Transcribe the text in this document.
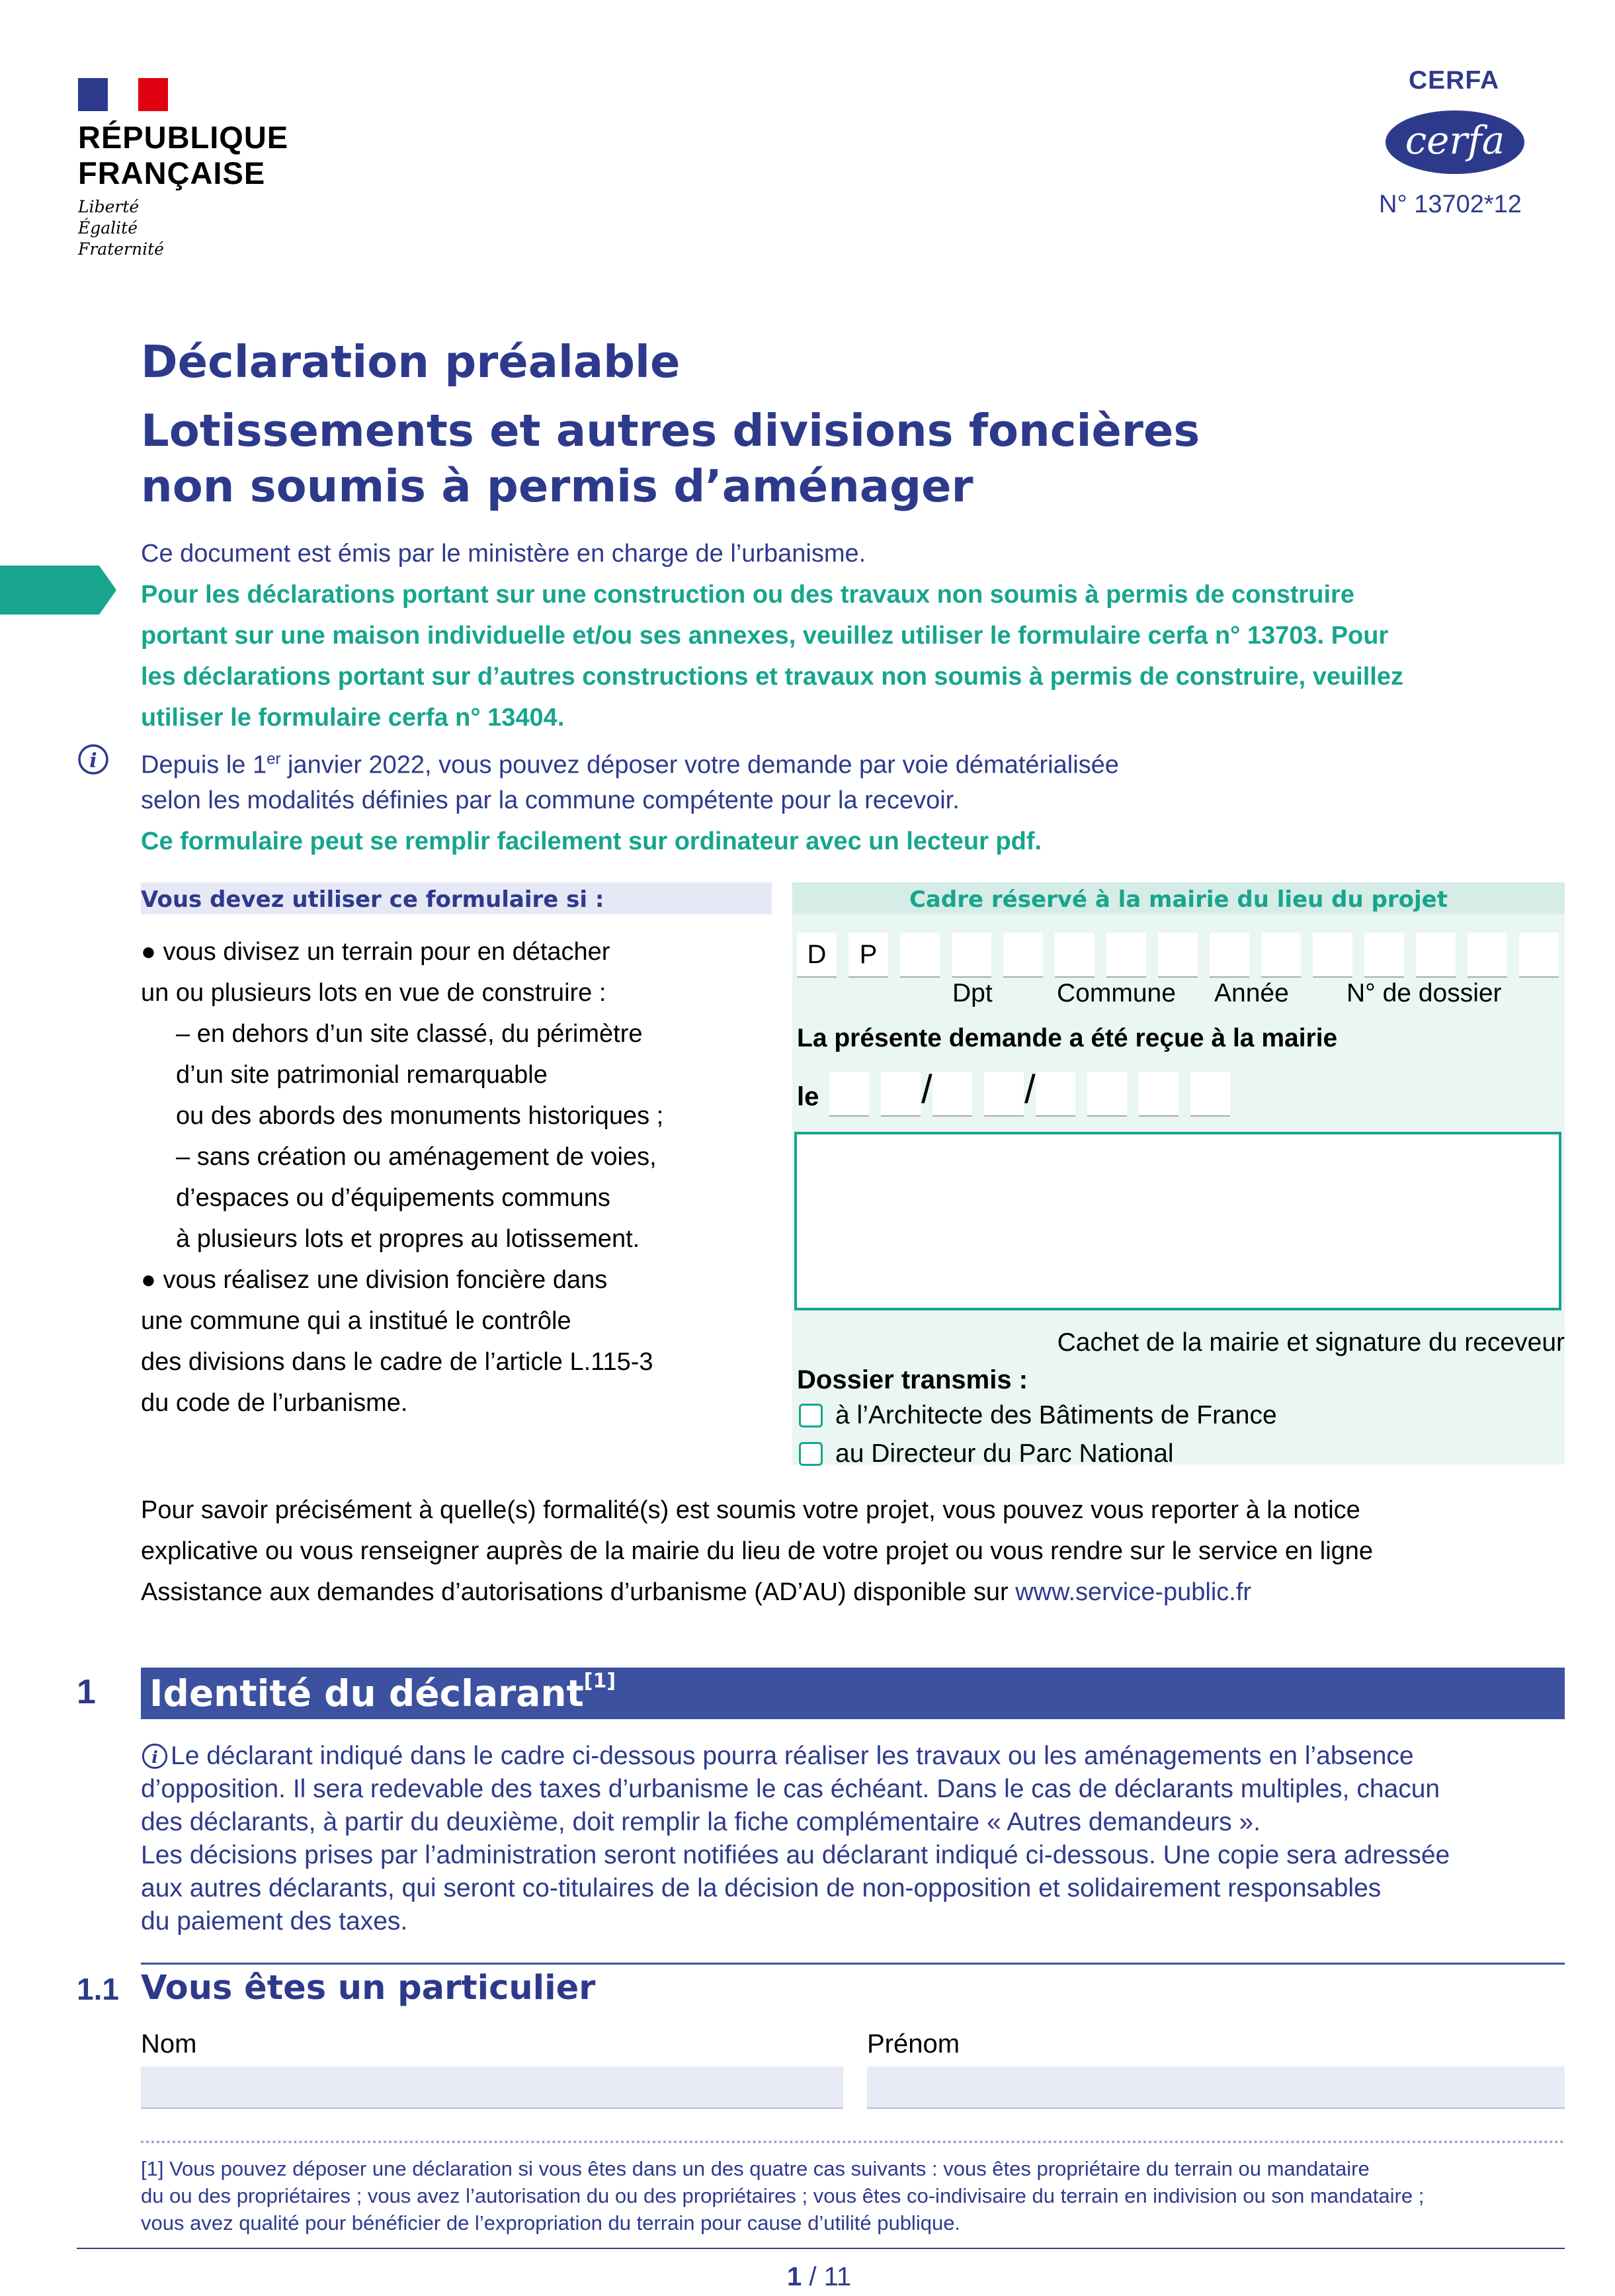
RÉPUBLIQUE
FRANÇAISE
Liberté
Égalité
Fraternité
CERFA
cerfa
N° 13702*12
Déclaration préalable
Lotissements et autres divisions foncières
non soumis à permis d’aménager
Ce document est émis par le ministère en charge de l’urbanisme.
Pour les déclarations portant sur une construction ou des travaux non soumis à permis de construire
portant sur une maison individuelle et/ou ses annexes, veuillez utiliser le formulaire cerfa n° 13703. Pour
les déclarations portant sur d’autres constructions et travaux non soumis à permis de construire, veuillez
utiliser le formulaire cerfa n° 13404.
i Depuis le 1er janvier 2022, vous pouvez déposer votre demande par voie dématérialisée
selon les modalités définies par la commune compétente pour la recevoir.
Ce formulaire peut se remplir facilement sur ordinateur avec un lecteur pdf.
Vous devez utiliser ce formulaire si :
● vous divisez un terrain pour en détacher
un ou plusieurs lots en vue de construire :
– en dehors d’un site classé, du périmètre
d’un site patrimonial remarquable
ou des abords des monuments historiques ;
– sans création ou aménagement de voies,
d’espaces ou d’équipements communs
à plusieurs lots et propres au lotissement.
● vous réalisez une division foncière dans
une commune qui a institué le contrôle
des divisions dans le cadre de l’article L.115-3
du code de l’urbanisme.
Cadre réservé à la mairie du lieu du projet
D	P
Dpt Commune Année N° de dossier
La présente demande a été reçue à la mairie
le	/ /
Cachet de la mairie et signature du receveur
Dossier transmis :
à l’Architecte des Bâtiments de France
au Directeur du Parc National
Pour savoir précisément à quelle(s) formalité(s) est soumis votre projet, vous pouvez vous reporter à la notice
explicative ou vous renseigner auprès de la mairie du lieu de votre projet ou vous rendre sur le service en ligne
Assistance aux demandes d’autorisations d’urbanisme (AD’AU) disponible sur www.service-public.fr
1 Identité du déclarant[1]
i Le déclarant indiqué dans le cadre ci-dessous pourra réaliser les travaux ou les aménagements en l’absence
d’opposition. Il sera redevable des taxes d’urbanisme le cas échéant. Dans le cas de déclarants multiples, chacun
des déclarants, à partir du deuxième, doit remplir la fiche complémentaire « Autres demandeurs ».
Les décisions prises par l’administration seront notifiées au déclarant indiqué ci-dessous. Une copie sera adressée
aux autres déclarants, qui seront co-titulaires de la décision de non-opposition et solidairement responsables
du paiement des taxes.
1.1 Vous êtes un particulier
Nom	Prénom
[1] Vous pouvez déposer une déclaration si vous êtes dans un des quatre cas suivants : vous êtes propriétaire du terrain ou mandataire
du ou des propriétaires ; vous avez l’autorisation du ou des propriétaires ; vous êtes co-indivisaire du terrain en indivision ou son mandataire ;
vous avez qualité pour bénéficier de l’expropriation du terrain pour cause d’utilité publique.
1 / 11
